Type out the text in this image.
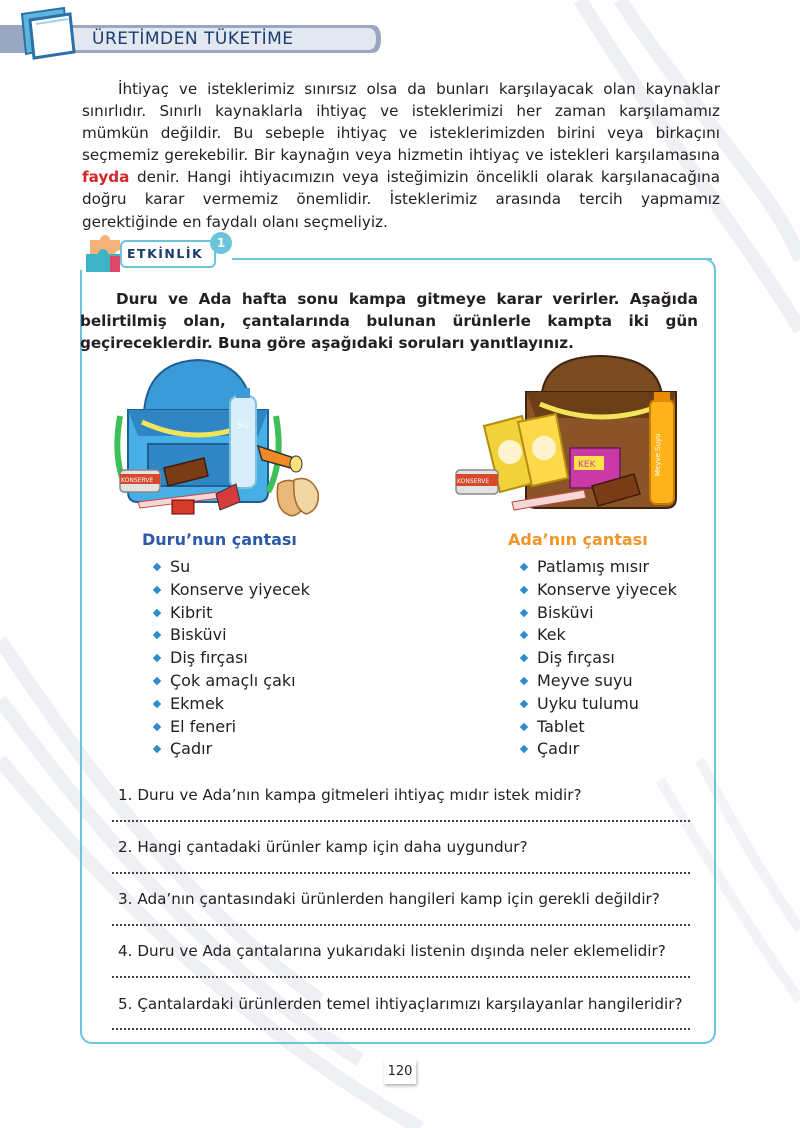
ÜRETİMDEN TÜKETİME
İhtiyaç ve isteklerimiz sınırsız olsa da bunları karşılayacak olan kaynaklar sınırlıdır. Sınırlı kaynaklarla ihtiyaç ve isteklerimizi her zaman karşılamamız mümkün değildir. Bu sebeple ihtiyaç ve isteklerimizden birini veya birkaçını seçmemiz gerekebilir. Bir kaynağın veya hizmetin ihtiyaç ve istekleri karşılamasına fayda denir. Hangi ihtiyacımızın veya isteğimizin öncelikli olarak karşılanacağına doğru karar vermemiz önemlidir. İsteklerimiz arasında tercih yapmamız gerektiğinde en faydalı olanı seçmeliyiz.
ETKİNLİK
1
Duru ve Ada hafta sonu kampa gitmeye karar verirler. Aşağıda belirtilmiş olan, çantalarında bulunan ürünlerle kampta iki gün geçireceklerdir. Buna göre aşağıdaki soruları yanıtlayınız.
SU
KONSERVE
Meyve Suyu
KEK
KONSERVE
Duru’nun çantası
Su
Konserve yiyecek
Kibrit
Bisküvi
Diş fırçası
Çok amaçlı çakı
Ekmek
El feneri
Çadır
Ada’nın çantası
Patlamış mısır
Konserve yiyecek
Bisküvi
Kek
Diş fırçası
Meyve suyu
Uyku tulumu
Tablet
Çadır
1. Duru ve Ada’nın kampa gitmeleri ihtiyaç mıdır istek midir?
2. Hangi çantadaki ürünler kamp için daha uygundur?
3. Ada’nın çantasındaki ürünlerden hangileri kamp için gerekli değildir?
4. Duru ve Ada çantalarına yukarıdaki listenin dışında neler eklemelidir?
5. Çantalardaki ürünlerden temel ihtiyaçlarımızı karşılayanlar hangileridir?
120
